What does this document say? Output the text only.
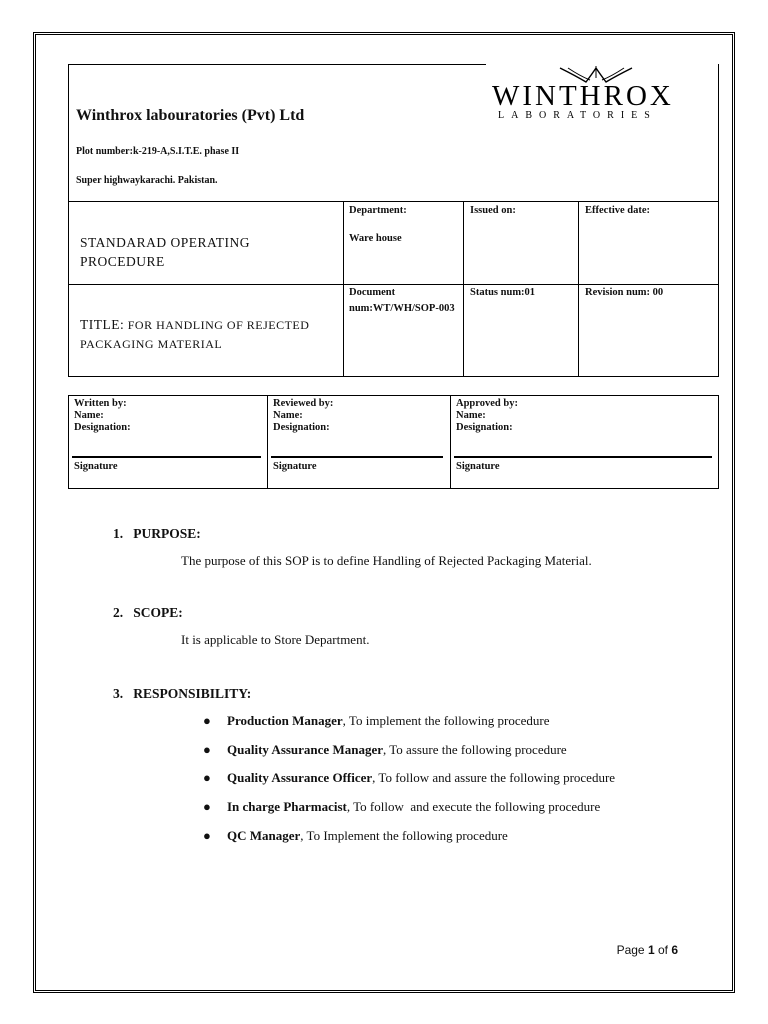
Winthrox labouratories (Pvt) Ltd
Plot number:k-219-A,S.I.T.E. phase II
Super highwaykarachi. Pakistan.
WINTHROX
LABORATORIES
STANDARAD OPERATING PROCEDURE
Department:
Ware house
Issued on:	Effective date:
TITLE: FOR HANDLING OF REJECTED PACKAGING MATERIAL
Document num:WT/WH/SOP-003
Status num:01	Revision num: 00
Written by:
Name:
Designation:
Signature
Reviewed by:
Name:
Designation:
Signature
Approved by:
Name:
Designation:
Signature
1.   PURPOSE:
The purpose of this SOP is to define Handling of Rejected Packaging Material.
2.   SCOPE:
It is applicable to Store Department.
3.   RESPONSIBILITY:
● Production Manager, To implement the following procedure
● Quality Assurance Manager, To assure the following procedure
● Quality Assurance Officer, To follow and assure the following procedure
● In charge Pharmacist, To follow  and execute the following procedure
● QC Manager, To Implement the following procedure
Page 1 of 6
